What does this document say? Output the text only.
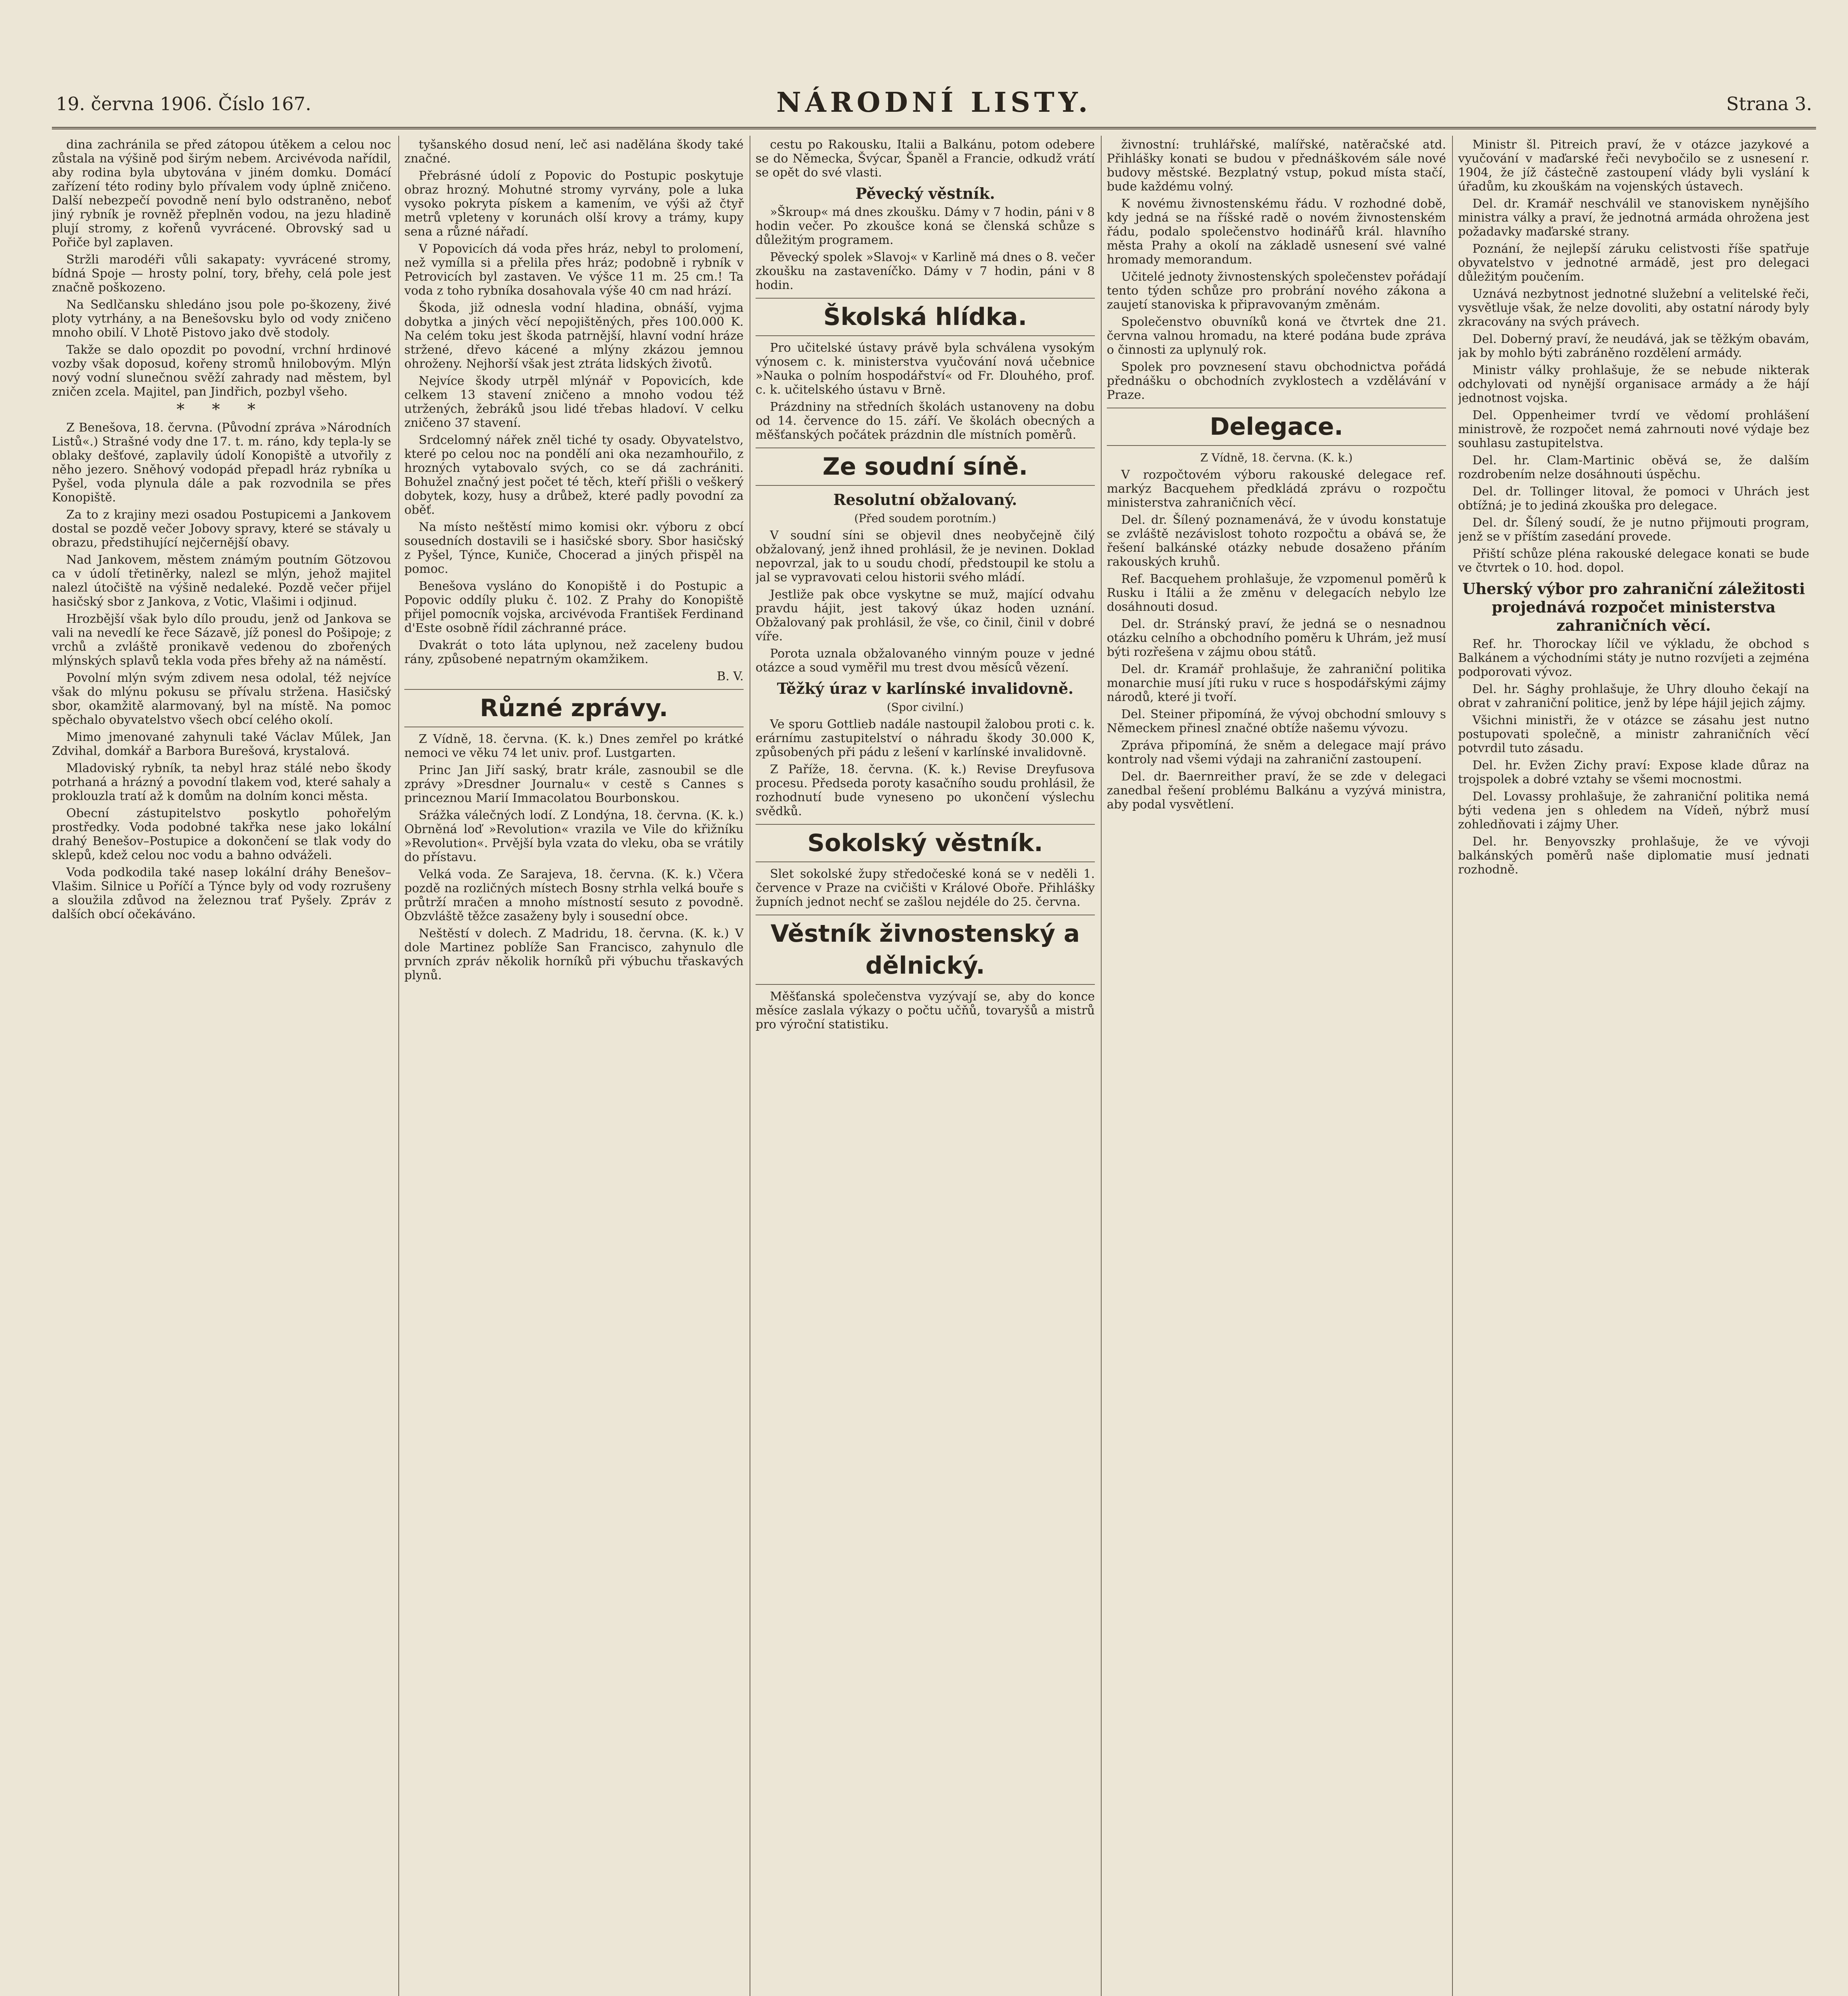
19. června 1906. Číslo 167.	NÁRODNÍ LISTY.	Strana 3.

dina zachránila se před zátopou útěkem a celou noc zůstala na výšině pod širým nebem. Arcivévoda nařídil, aby rodina byla ubytována v jiném domku. Domácí zařízení této rodiny bylo přívalem vody úplně zničeno. Další nebezpečí povodně není bylo odstraněno, neboť jiný rybník je rovněž přeplněn vodou, na jezu hladině plují stromy, z kořenů vyvrácené. Obrovský sad u Pořiče byl zaplaven.

Stržli marodéři vůli sakapaty: vyvrácené stromy, bídná Spoje — hrosty polní, tory, břehy, celá pole jest značně poškozeno.

Na Sedlčansku shledáno jsou pole po-škozeny, živé ploty vytrhány, a na Benešovsku bylo od vody zničeno mnoho obilí. V Lhotě Pistovo jako dvě stodoly.

Takže se dalo opozdit po povodní, vrchní hrdinové vozby však doposud, kořeny stromů hnilobovým. Mlýn nový vodní slunečnou svěží zahrady nad městem, byl zničen zcela. Majitel, pan Jindřich, pozbyl všeho.

* * *

Z Benešova, 18. června. (Původní zpráva »Národních Listů«.) Strašné vody dne 17. t. m. ráno, kdy tepla-ly se oblaky dešťové, zaplavily údolí Konopiště a utvořily z něho jezero. Sněhový vodopád přepadl hráz rybníka u Pyšel, voda plynula dále a pak rozvodnila se přes Konopiště.

Za to z krajiny mezi osadou Postupicemi a Jankovem dostal se pozdě večer Jobovy spravy, které se stávaly u obrazu, předstihující nejčernější obavy.

Nad Jankovem, městem známým poutním Götzovou ca v údolí třetiněrky, nalezl se mlýn, jehož majitel nalezl útočiště na výšině nedaleké. Pozdě večer přijel hasičský sbor z Jankova, z Votic, Vlašimi i odjinud.

Hrozbější však bylo dílo proudu, jenž od Jankova se vali na nevedlí ke řece Sázavě, jíž ponesl do Pošipoje; z vrchů a zvláště pronikavě vedenou do zbořených mlýnských splavů tekla voda přes břehy až na náměstí.

Povolní mlýn svým zdivem nesa odolal, též nejvíce však do mlýnu pokusu se přívalu stržena. Hasičský sbor, okamžitě alarmovaný, byl na místě. Na pomoc spěchalo obyvatelstvo všech obcí celého okolí.

Mimo jmenované zahynuli také Václav Műlek, Jan Zdvihal, domkář a Barbora Burešová, krystalová.

Mladoviský rybník, ta nebyl hraz stálé nebo škody potrhaná a hrázný a povodní tlakem vod, které sahaly a proklouzla tratí až k domům na dolním konci města.

Obecní zástupitelstvo poskytlo pohořelým prostředky. Voda podobné takřka nese jako lokální drahý Benešov–Postupice a dokončení se tlak vody do sklepů, kdež celou noc vodu a bahno odváželi.

Voda podkodila také nasep lokální dráhy Benešov–Vlašim. Silnice u Poříčí a Týnce byly od vody rozrušeny a sloužila zdůvod na železnou trať Pyšely. Zpráv z dalších obcí očekáváno.

tyšanského dosud není, leč asi nadělána škody také značné.

Přebrásné údolí z Popovic do Postupic poskytuje obraz hrozný. Mohutné stromy vyrvány, pole a luka vysoko pokryta pískem a kamením, ve výši až čtyř metrů vpleteny v korunách olší krovy a trámy, kupy sena a různé nářadí.

V Popovicích dá voda přes hráz, nebyl to prolomení, než vymílla si a přelila přes hráz; podobně i rybník v Petrovicích byl zastaven. Ve výšce 11 m. 25 cm.! Ta voda z toho rybníka dosahovala výše 40 cm nad hrází.

Škoda, již odnesla vodní hladina, obnáší, vyjma dobytka a jiných věcí nepojištěných, přes 100.000 K. Na celém toku jest škoda patrnější, hlavní vodní hráze stržené, dřevo kácené a mlýny zkázou jemnou ohroženy. Nejhorší však jest ztráta lidských životů.

Nejvíce škody utrpěl mlýnář v Popovicích, kde celkem 13 stavení zničeno a mnoho vodou též utržených, žebráků jsou lidé třebas hladoví. V celku zničeno 37 stavení.

Srdcelomný nářek zněl tiché ty osady. Obyvatelstvo, které po celou noc na pondělí ani oka nezamhouřilo, z hrozných vytabovalo svých, co se dá zachrániti. Bohužel značný jest počet té těch, kteří přišli o veškerý dobytek, kozy, husy a drůbež, které padly povodní za oběť.

Na místo neštěstí mimo komisi okr. výboru z obcí sousedních dostavili se i hasičské sbory. Sbor hasičský z Pyšel, Týnce, Kuniče, Chocerad a jiných přispěl na pomoc.

Benešova vysláno do Konopiště i do Postupic a Popovic oddíly pluku č. 102. Z Prahy do Konopiště přijel pomocník vojska, arcivévoda František Ferdinand d'Este osobně řídil záchranné práce.

Dvakrát o toto láta uplynou, než zaceleny budou rány, způsobené nepatrným okamžikem.

B. V.
Různé zprávy.

Z Vídně, 18. června. (K. k.) Dnes zemřel po krátké nemoci ve věku 74 let univ. prof. Lustgarten.

Princ Jan Jiří saský, bratr krále, zasnoubil se dle zprávy »Dresdner Journalu« v cestě s Cannes s princeznou Marií Immacolatou Bourbonskou.

Srážka válečných lodí. Z Londýna, 18. června. (K. k.) Obrněná loď »Revolution« vrazila ve Vile do křižníku »Revolution«. Prvější byla vzata do vleku, oba se vrátily do přístavu.

Velká voda. Ze Sarajeva, 18. června. (K. k.) Včera pozdě na rozličných místech Bosny strhla velká bouře s průtrží mračen a mnoho místností sesuto z povodně. Obzvláště těžce zasaženy byly i sousední obce.

Neštěstí v dolech. Z Madridu, 18. června. (K. k.) V dole Martinez poblíže San Francisco, zahynulo dle prvních zpráv několik horníků při výbuchu třaskavých plynů.

cestu po Rakousku, Italii a Balkánu, potom odebere se do Německa, Švýcar, Španěl a Francie, odkudž vrátí se opět do své vlasti.

Pěvecký věstník.

»Škroup« má dnes zkoušku. Dámy v 7 hodin, páni v 8 hodin večer. Po zkoušce koná se členská schůze s důležitým programem.

Pěvecký spolek »Slavoj« v Karlině má dnes o 8. večer zkoušku na zastaveníčko. Dámy v 7 hodin, páni v 8 hodin.

Školská hlídka.

Pro učitelské ústavy právě byla schválena vysokým výnosem c. k. ministerstva vyučování nová učebnice »Nauka o polním hospodářství« od Fr. Dlouhého, prof. c. k. učitelského ústavu v Brně.

Prázdniny na středních školách ustanoveny na dobu od 14. července do 15. září. Ve školách obecných a měšťanských počátek prázdnin dle místních poměrů.

Ze soudní síně.
Resolutní obžalovaný.
(Před soudem porotním.)

V soudní síni se objevil dnes neobyčejně čilý obžalovaný, jenž ihned prohlásil, že je nevinen. Doklad nepovrzal, jak to u soudu chodí, předstoupil ke stolu a jal se vypravovati celou historii svého mládí.

Jestliže pak obce vyskytne se muž, mající odvahu pravdu hájit, jest takový úkaz hoden uznání. Obžalovaný pak prohlásil, že vše, co činil, činil v dobré víře.

Porota uznala obžalovaného vinným pouze v jedné otázce a soud vyměřil mu trest dvou měsíců vězení.

Těžký úraz v karlínské invalidovně.
(Spor civilní.)

Ve sporu Gottlieb nadále nastoupil žalobou proti c. k. erárnímu zastupitelství o náhradu škody 30.000 K, způsobených při pádu z lešení v karlínské invalidovně.

Z Paříže, 18. června. (K. k.) Revise Dreyfusova procesu. Předseda poroty kasačního soudu prohlásil, že rozhodnutí bude vyneseno po ukončení výslechu svědků.

Sokolský věstník.

Slet sokolské župy středočeské koná se v neděli 1. července v Praze na cvičišti v Králové Oboře. Přihlášky župních jednot nechť se zašlou nejdéle do 25. června.

Věstník živnostenský a dělnický.

Měšťanská společenstva vyzývají se, aby do konce měsíce zaslala výkazy o počtu učňů, tovaryšů a mistrů pro výroční statistiku.

živnostní: truhlářské, malířské, natěračské atd. Přihlášky konati se budou v přednáškovém sále nové budovy městské. Bezplatný vstup, pokud místa stačí, bude každému volný.

K novému živnostenskému řádu. V rozhodné době, kdy jedná se na říšské radě o novém živnostenském řádu, podalo společenstvo hodinářů král. hlavního města Prahy a okolí na základě usnesení své valné hromady memorandum.

Učitelé jednoty živnostenských společenstev pořádají tento týden schůze pro probrání nového zákona a zaujetí stanoviska k připravovaným změnám.

Společenstvo obuvníků koná ve čtvrtek dne 21. června valnou hromadu, na které podána bude zpráva o činnosti za uplynulý rok.

Spolek pro povznesení stavu obchodnictva pořádá přednášku o obchodních zvyklostech a vzdělávání v Praze.

Delegace.
Z Vídně, 18. června. (K. k.)

V rozpočtovém výboru rakouské delegace ref. markýz Bacquehem předkládá zprávu o rozpočtu ministerstva zahraničních věcí.

Del. dr. Šílený poznamenává, že v úvodu konstatuje se zvláště nezávislost tohoto rozpočtu a obává se, že řešení balkánské otázky nebude dosaženo přáním rakouských kruhů.

Ref. Bacquehem prohlašuje, že vzpomenul poměrů k Rusku i Itálii a že změnu v delegacích nebylo lze dosáhnouti dosud.

Del. dr. Stránský praví, že jedná se o nesnadnou otázku celního a obchodního poměru k Uhrám, jež musí býti rozřešena v zájmu obou států.

Del. dr. Kramář prohlašuje, že zahraniční politika monarchie musí jíti ruku v ruce s hospodářskými zájmy národů, které ji tvoří.

Del. Steiner připomíná, že vývoj obchodní smlouvy s Německem přinesl značné obtíže našemu vývozu.

Zpráva připomíná, že sněm a delegace mají právo kontroly nad všemi výdaji na zahraniční zastoupení.

Del. dr. Baernreither praví, že se zde v delegaci zanedbal řešení problému Balkánu a vyzývá ministra, aby podal vysvětlení.

Ministr šl. Pitreich praví, že v otázce jazykové a vyučování v maďarské řeči nevybočilo se z usnesení r. 1904, že jíž částečně zastoupení vlády byli vyslání k úřadům, ku zkouškám na vojenských ústavech.

Del. dr. Kramář neschválil ve stanoviskem nynějšího ministra války a praví, že jednotná armáda ohrožena jest požadavky maďarské strany.

Poznání, že nejlepší záruku celistvosti říše spatřuje obyvatelstvo v jednotné armádě, jest pro delegaci důležitým poučením.

Uznává nezbytnost jednotné služební a velitelské řeči, vysvětluje však, že nelze dovoliti, aby ostatní národy byly zkracovány na svých právech.

Del. Doberný praví, že neudává, jak se těžkým obavám, jak by mohlo býti zabráněno rozdělení armády.

Ministr války prohlašuje, že se nebude nikterak odchylovati od nynější organisace armády a že hájí jednotnost vojska.

Del. Oppenheimer tvrdí ve vědomí prohlášení ministrově, že rozpočet nemá zahrnouti nové výdaje bez souhlasu zastupitelstva.

Del. hr. Clam-Martinic oběvá se, že dalším rozdrobením nelze dosáhnouti úspěchu.

Del. dr. Tollinger litoval, že pomoci v Uhrách jest obtížná; je to jediná zkouška pro delegace.

Del. dr. Šílený soudí, že je nutno přijmouti program, jenž se v příštím zasedání provede.

Přiští schůze pléna rakouské delegace konati se bude ve čtvrtek o 10. hod. dopol.

Uherský výbor pro zahraniční záležitosti projednává rozpočet ministerstva zahraničních věcí.

Ref. hr. Thorockay líčil ve výkladu, že obchod s Balkánem a východními státy je nutno rozvíjeti a zejména podporovati vývoz.

Del. hr. Sághy prohlašuje, že Uhry dlouho čekají na obrat v zahraniční politice, jenž by lépe hájil jejich zájmy.

Všichni ministři, že v otázce se zásahu jest nutno postupovati společně, a ministr zahraničních věcí potvrdil tuto zásadu.

Del. hr. Evžen Zichy praví: Expose klade důraz na trojspolek a dobré vztahy se všemi mocnostmi.

Del. Lovassy prohlašuje, že zahraniční politika nemá býti vedena jen s ohledem na Vídeň, nýbrž musí zohledňovati i zájmy Uher.

Del. hr. Benyovszky prohlašuje, že ve vývoji balkánských poměrů naše diplomatie musí jednati rozhodně.
